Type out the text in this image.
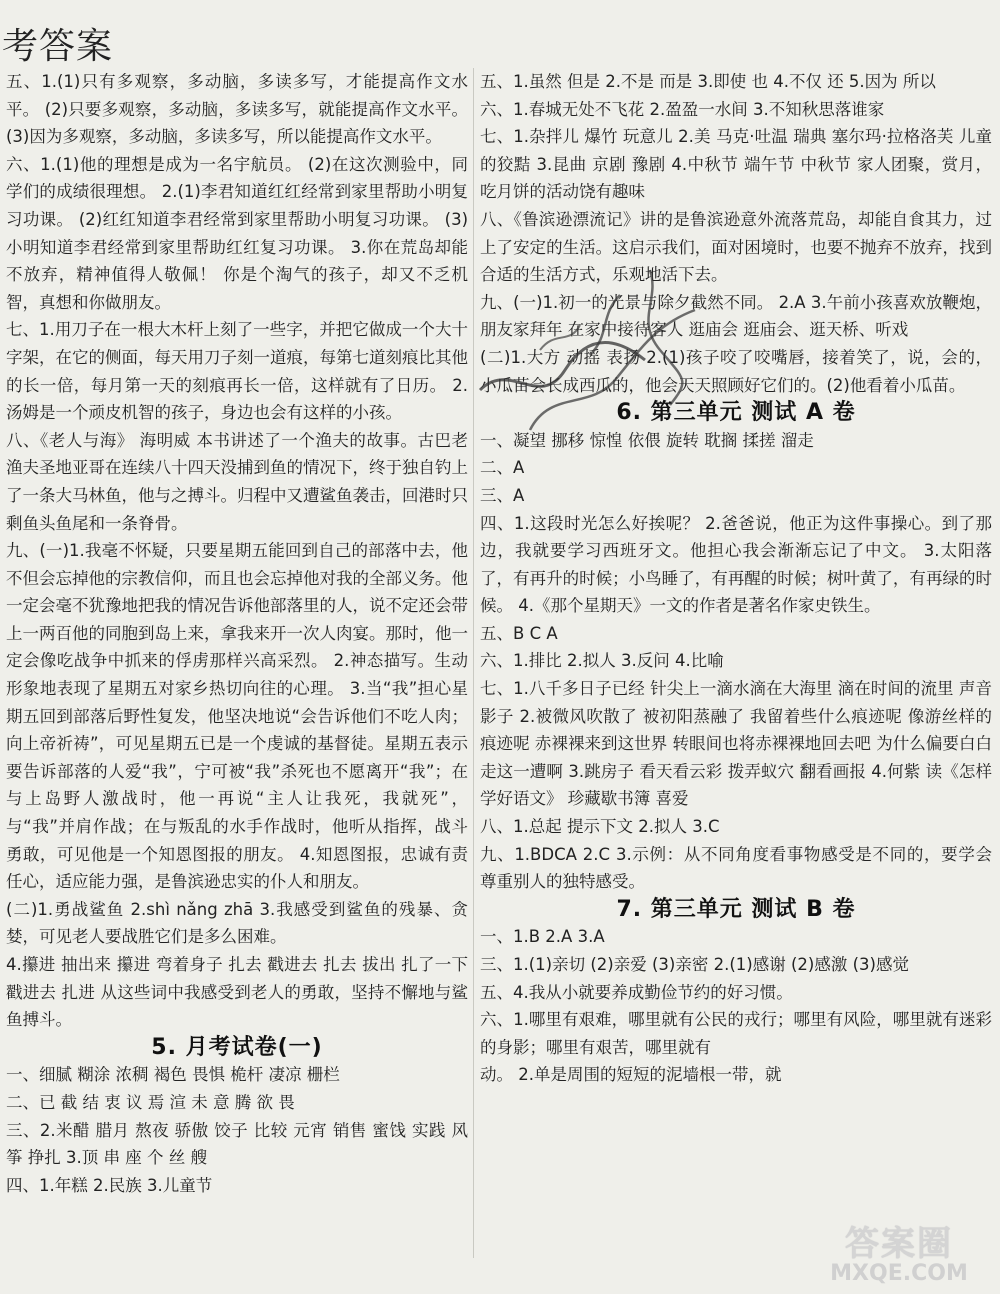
考答案

五、1.(1)只有多观察，多动脑，多读多写，才能提高作文水平。 (2)只要多观察，多动脑，多读多写，就能提高作文水平。 (3)因为多观察，多动脑，多读多写，所以能提高作文水平。

六、1.(1)他的理想是成为一名宇航员。 (2)在这次测验中，同学们的成绩很理想。 2.(1)李君知道红红经常到家里帮助小明复习功课。 (2)红红知道李君经常到家里帮助小明复习功课。 (3)小明知道李君经常到家里帮助红红复习功课。 3.你在荒岛却能不放弃，精神值得人敬佩！ 你是个淘气的孩子，却又不乏机智，真想和你做朋友。

七、1.用刀子在一根大木杆上刻了一些字，并把它做成一个大十字架，在它的侧面，每天用刀子刻一道痕，每第七道刻痕比其他的长一倍，每月第一天的刻痕再长一倍，这样就有了日历。 2.汤姆是一个顽皮机智的孩子，身边也会有这样的小孩。

八、《老人与海》 海明威 本书讲述了一个渔夫的故事。古巴老渔夫圣地亚哥在连续八十四天没捕到鱼的情况下，终于独自钓上了一条大马林鱼，他与之搏斗。归程中又遭鲨鱼袭击，回港时只剩鱼头鱼尾和一条脊骨。

九、(一)1.我毫不怀疑，只要星期五能回到自己的部落中去，他不但会忘掉他的宗教信仰，而且也会忘掉他对我的全部义务。他一定会毫不犹豫地把我的情况告诉他部落里的人，说不定还会带上一两百他的同胞到岛上来，拿我来开一次人肉宴。那时，他一定会像吃战争中抓来的俘虏那样兴高采烈。 2.神态描写。生动形象地表现了星期五对家乡热切向往的心理。 3.当“我”担心星期五回到部落后野性复发，他坚决地说“会告诉他们不吃人肉；向上帝祈祷”，可见星期五已是一个虔诚的基督徒。星期五表示要告诉部落的人爱“我”，宁可被“我”杀死也不愿离开“我”；在与上岛野人激战时，他一再说“主人让我死，我就死”，与“我”并肩作战；在与叛乱的水手作战时，他听从指挥，战斗勇敢，可见他是一个知恩图报的朋友。 4.知恩图报，忠诚有责任心，适应能力强，是鲁滨逊忠实的仆人和朋友。

(二)1.勇战鲨鱼 2.shì nǎng zhā 3.我感受到鲨鱼的残暴、贪婪，可见老人要战胜它们是多么困难。

4.攥进 抽出来 攥进 弯着身子 扎去 戳进去 扎去 拔出 扎了一下 戳进去 扎进 从这些词中我感受到老人的勇敢，坚持不懈地与鲨鱼搏斗。

5. 月考试卷(一)

一、细腻 糊涂 浓稠 褐色 畏惧 桅杆 凄凉 栅栏

二、已 截 结 衷 议 焉 渲 未 意 腾 欲 畏

三、2.米醋 腊月 熬夜 骄傲 饺子 比较 元宵 销售 蜜饯 实践 风筝 挣扎 3.顶 串 座 个 丝 艘

四、1.年糕 2.民族 3.儿童节

五、1.虽然 但是 2.不是 而是 3.即使 也 4.不仅 还 5.因为 所以

六、1.春城无处不飞花 2.盈盈一水间 3.不知秋思落谁家

七、1.杂拌儿 爆竹 玩意儿 2.美 马克·吐温 瑞典 塞尔玛·拉格洛芙 儿童的狡黠 3.昆曲 京剧 豫剧 4.中秋节 端午节 中秋节 家人团聚，赏月，吃月饼的活动饶有趣味

八、《鲁滨逊漂流记》讲的是鲁滨逊意外流落荒岛，却能自食其力，过上了安定的生活。这启示我们，面对困境时，也要不抛弃不放弃，找到合适的生活方式，乐观地活下去。

九、(一)1.初一的光景与除夕截然不同。 2.A 3.午前小孩喜欢放鞭炮，朋友家拜年 在家中接待客人 逛庙会 逛庙会、逛天桥、听戏

(二)1.大方 动摇 表扬 2.(1)孩子咬了咬嘴唇，接着笑了，说，会的，小瓜苗会长成西瓜的，他会天天照顾好它们的。(2)他看着小瓜苗。

6. 第三单元 测试 A 卷

一、凝望 挪移 惊惶 依偎 旋转 耽搁 揉搓 溜走

二、A

三、A

四、1.这段时光怎么好挨呢？ 2.爸爸说，他正为这件事操心。到了那边，我就要学习西班牙文。他担心我会渐渐忘记了中文。 3.太阳落了，有再升的时候；小鸟睡了，有再醒的时候；树叶黄了，有再绿的时候。 4.《那个星期天》一文的作者是著名作家史铁生。

五、B C A

六、1.排比 2.拟人 3.反问 4.比喻

七、1.八千多日子已经 针尖上一滴水滴在大海里 滴在时间的流里 声音 影子 2.被微风吹散了 被初阳蒸融了 我留着些什么痕迹呢 像游丝样的痕迹呢 赤裸裸来到这世界 转眼间也将赤裸裸地回去吧 为什么偏要白白走这一遭啊 3.跳房子 看天看云彩 拨弄蚁穴 翻看画报 4.何紫 读《怎样学好语文》 珍藏歇书簿 喜爱

八、1.总起 提示下文 2.拟人 3.C

九、1.BDCA 2.C 3.示例：从不同角度看事物感受是不同的，要学会尊重别人的独特感受。

7. 第三单元 测试 B 卷

一、1.B 2.A 3.A

三、1.(1)亲切 (2)亲爱 (3)亲密 2.(1)感谢 (2)感激 (3)感觉

五、4.我从小就要养成勤俭节约的好习惯。

六、1.哪里有艰难，哪里就有公民的戎行；哪里有风险，哪里就有迷彩的身影；哪里有艰苦，哪里就有

动。 2.单是周围的短短的泥墙根一带，就

答案圈
MXQE.COM
